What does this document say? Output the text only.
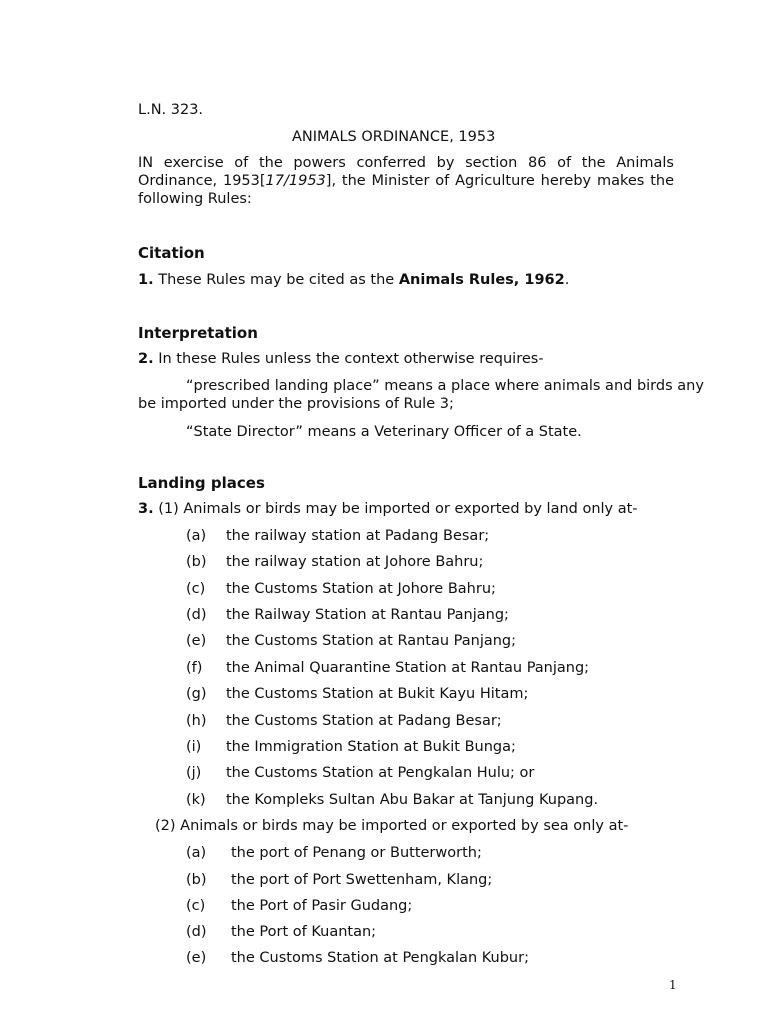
L.N. 323.
ANIMALS ORDINANCE, 1953
IN exercise of the powers conferred by section 86 of the Animals Ordinance, 1953[17/1953], the Minister of Agriculture hereby makes the following Rules:
Citation
1. These Rules may be cited as the Animals Rules, 1962.
Interpretation
2. In these Rules unless the context otherwise requires-
“prescribed landing place” means a place where animals and birds any
be imported under the provisions of Rule 3;
“State Director” means a Veterinary Officer of a State.
Landing places
3. (1) Animals or birds may be imported or exported by land only at-
(a) the railway station at Padang Besar;
(b) the railway station at Johore Bahru;
(c) the Customs Station at Johore Bahru;
(d) the Railway Station at Rantau Panjang;
(e) the Customs Station at Rantau Panjang;
(f) the Animal Quarantine Station at Rantau Panjang;
(g) the Customs Station at Bukit Kayu Hitam;
(h) the Customs Station at Padang Besar;
(i) the Immigration Station at Bukit Bunga;
(j) the Customs Station at Pengkalan Hulu; or
(k) the Kompleks Sultan Abu Bakar at Tanjung Kupang.
(2) Animals or birds may be imported or exported by sea only at-
(a) the port of Penang or Butterworth;
(b) the port of Port Swettenham, Klang;
(c) the Port of Pasir Gudang;
(d) the Port of Kuantan;
(e) the Customs Station at Pengkalan Kubur;
1
